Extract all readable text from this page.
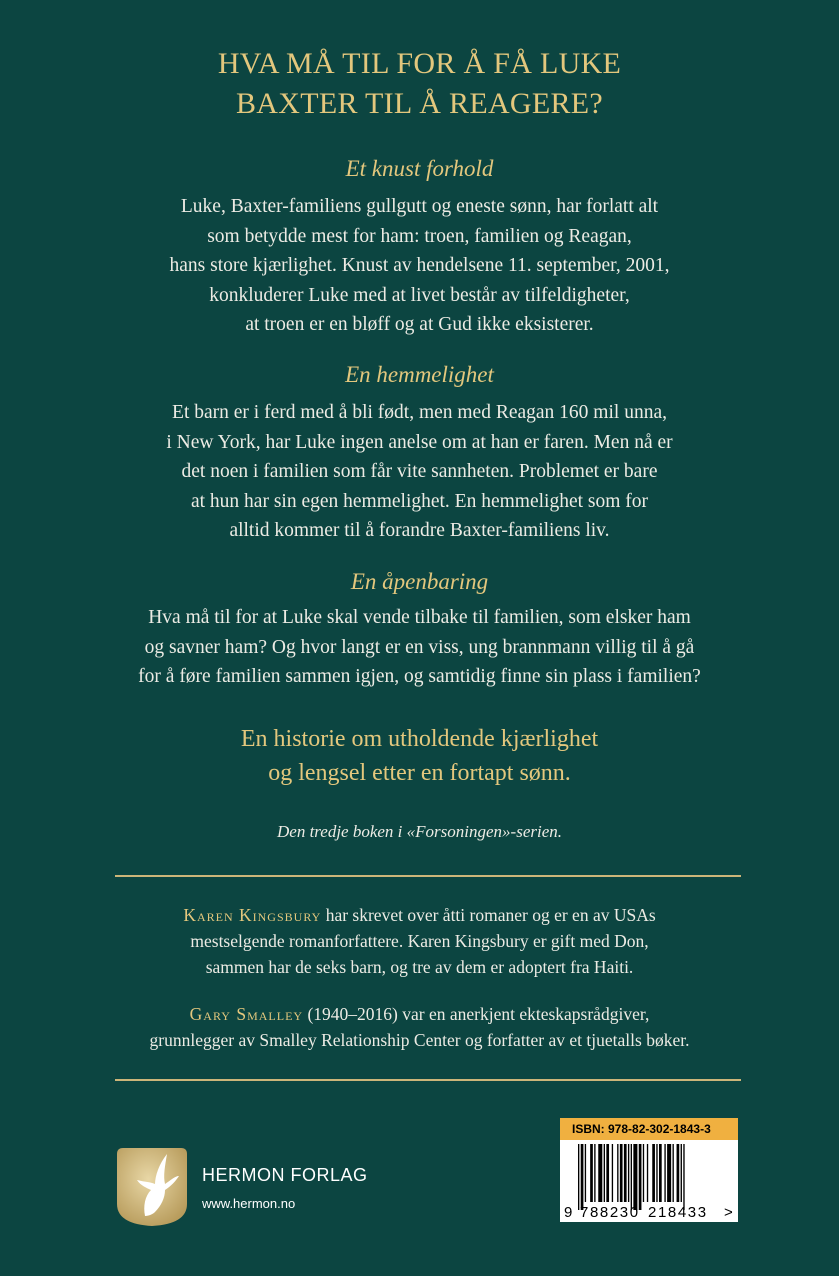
HVA MÅ TIL FOR Å FÅ LUKE
BAXTER TIL Å REAGERE?
Et knust forhold
Luke, Baxter-familiens gullgutt og eneste sønn, har forlatt alt
som betydde mest for ham: troen, familien og Reagan,
hans store kjærlighet. Knust av hendelsene 11. september, 2001,
konkluderer Luke med at livet består av tilfeldigheter,
at troen er en bløff og at Gud ikke eksisterer.
En hemmelighet
Et barn er i ferd med å bli født, men med Reagan 160 mil unna,
i New York, har Luke ingen anelse om at han er faren. Men nå er
det noen i familien som får vite sannheten. Problemet er bare
at hun har sin egen hemmelighet. En hemmelighet som for
alltid kommer til å forandre Baxter-familiens liv.
En åpenbaring
Hva må til for at Luke skal vende tilbake til familien, som elsker ham
og savner ham? Og hvor langt er en viss, ung brannmann villig til å gå
for å føre familien sammen igjen, og samtidig finne sin plass i familien?
En historie om utholdende kjærlighet
og lengsel etter en fortapt sønn.
Den tredje boken i «Forsoningen»-serien.
Karen Kingsbury har skrevet over åtti romaner og er en av USAs
mestselgende romanforfattere. Karen Kingsbury er gift med Don,
sammen har de seks barn, og tre av dem er adoptert fra Haiti.
Gary Smalley (1940–2016) var en anerkjent ekteskapsrådgiver,
grunnlegger av Smalley Relationship Center og forfatter av et tjuetalls bøker.
HERMON FORLAG
www.hermon.no
ISBN: 978-82-302-1843-3
9 788230 218433 >
